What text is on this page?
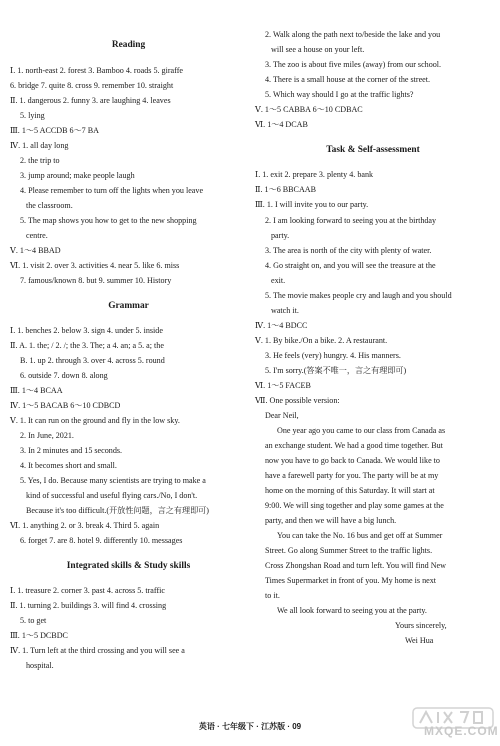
Reading
Ⅰ. 1. north-east 2. forest 3. Bamboo 4. roads 5. giraffe
6. bridge 7. quite 8. cross 9. remember 10. straight
Ⅱ. 1. dangerous 2. funny 3. are laughing 4. leaves
5. lying
Ⅲ. 1～5 ACCDB 6～7 BA
Ⅳ. 1. all day long
2. the trip to
3. jump around; make people laugh
4. Please remember to turn off the lights when you leave
the classroom.
5. The map shows you how to get to the new shopping
centre.
Ⅴ. 1～4 BBAD
Ⅵ. 1. visit 2. over 3. activities 4. near 5. like 6. miss
7. famous/known 8. but 9. summer 10. History
Grammar
Ⅰ. 1. benches 2. below 3. sign 4. under 5. inside
Ⅱ. A. 1. the; / 2. /; the 3. The; a 4. an; a 5. a; the
B. 1. up 2. through 3. over 4. across 5. round
6. outside 7. down 8. along
Ⅲ. 1～4 BCAA
Ⅳ. 1～5 BACAB 6～10 CDBCD
Ⅴ. 1. It can run on the ground and fly in the low sky.
2. In June, 2021.
3. In 2 minutes and 15 seconds.
4. It becomes short and small.
5. Yes, I do. Because many scientists are trying to make a
kind of successful and useful flying cars./No, I don't.
Because it's too difficult.(开放性问题，言之有理即可)
Ⅵ. 1. anything 2. or 3. break 4. Third 5. again
6. forget 7. are 8. hotel 9. differently 10. messages
Integrated skills & Study skills
Ⅰ. 1. treasure 2. corner 3. past 4. across 5. traffic
Ⅱ. 1. turning 2. buildings 3. will find 4. crossing
5. to get
Ⅲ. 1～5 DCBDC
Ⅳ. 1. Turn left at the third crossing and you will see a
hospital.
2. Walk along the path next to/beside the lake and you
will see a house on your left.
3. The zoo is about five miles (away) from our school.
4. There is a small house at the corner of the street.
5. Which way should I go at the traffic lights?
Ⅴ. 1～5 CABBA 6～10 CDBAC
Ⅵ. 1～4 DCAB
Task & Self-assessment
Ⅰ. 1. exit 2. prepare 3. plenty 4. bank
Ⅱ. 1～6 BBCAAB
Ⅲ. 1. I will invite you to our party.
2. I am looking forward to seeing you at the birthday
party.
3. The area is north of the city with plenty of water.
4. Go straight on, and you will see the treasure at the
exit.
5. The movie makes people cry and laugh and you should
watch it.
Ⅳ. 1～4 BDCC
Ⅴ. 1. By bike./On a bike. 2. A restaurant.
3. He feels (very) hungry. 4. His manners.
5. I'm sorry.(答案不唯一，言之有理即可)
Ⅵ. 1～5 FACEB
Ⅶ. One possible version:
Dear Neil,
One year ago you came to our class from Canada as
an exchange student. We had a good time together. But
now you have to go back to Canada. We would like to
have a farewell party for you. The party will be at my
home on the morning of this Saturday. It will start at
9:00. We will sing together and play some games at the
party, and then we will have a big lunch.
You can take the No. 16 bus and get off at Summer
Street. Go along Summer Street to the traffic lights.
Cross Zhongshan Road and turn left. You will find New
Times Supermarket in front of you. My home is next
to it.
We all look forward to seeing you at the party.
Yours sincerely,
Wei Hua
英语 · 七年级下 · 江苏版 · 09	MXQE.COM
